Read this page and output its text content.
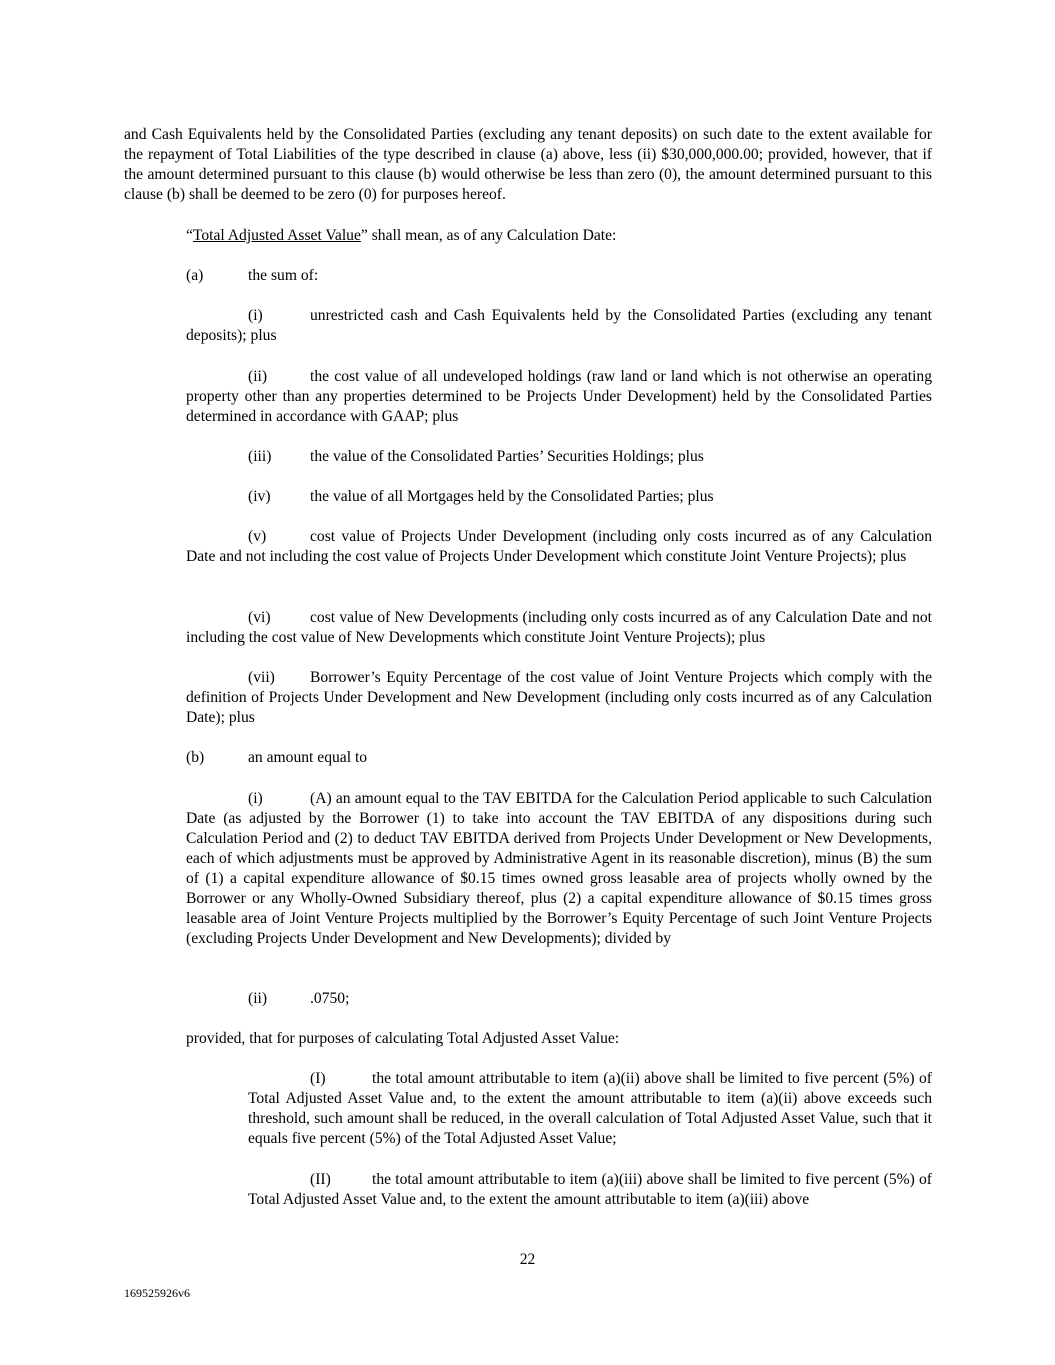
and Cash Equivalents held by the Consolidated Parties (excluding any tenant deposits) on such date to the extent available for the repayment of Total Liabilities of the type described in clause (a) above, less (ii) $30,000,000.00; provided, however, that if the amount determined pursuant to this clause (b) would otherwise be less than zero (0), the amount determined pursuant to this clause (b) shall be deemed to be zero (0) for purposes hereof.

“Total Adjusted Asset Value” shall mean, as of any Calculation Date:

(a)	the sum of:

(i)	unrestricted cash and Cash Equivalents held by the Consolidated Parties (excluding any tenant deposits); plus

(ii)	the cost value of all undeveloped holdings (raw land or land which is not otherwise an operating property other than any properties determined to be Projects Under Development) held by the Consolidated Parties determined in accordance with GAAP; plus

(iii) the value of the Consolidated Parties’ Securities Holdings; plus

(iv)	the value of all Mortgages held by the Consolidated Parties; plus

(v)	cost value of Projects Under Development (including only costs incurred as of any Calculation Date and not including the cost value of Projects Under Development which constitute Joint Venture Projects); plus

(vi)	cost value of New Developments (including only costs incurred as of any Calculation Date and not including the cost value of New Developments which constitute Joint Venture Projects); plus

(vii) Borrower’s Equity Percentage of the cost value of Joint Venture Projects which comply with the definition of Projects Under Development and New Development (including only costs incurred as of any Calculation Date); plus

(b)	an amount equal to

(i)	(A) an amount equal to the TAV EBITDA for the Calculation Period applicable to such Calculation Date (as adjusted by the Borrower (1) to take into account the TAV EBITDA of any dispositions during such Calculation Period and (2) to deduct TAV EBITDA derived from Projects Under Development or New Developments, each of which adjustments must be approved by Administrative Agent in its reasonable discretion), minus (B) the sum of (1) a capital expenditure allowance of $0.15 times owned gross leasable area of projects wholly owned by the Borrower or any Wholly-Owned Subsidiary thereof, plus (2) a capital expenditure allowance of $0.15 times gross leasable area of Joint Venture Projects multiplied by the Borrower’s Equity Percentage of such Joint Venture Projects (excluding Projects Under Development and New Developments); divided by

(ii)	.0750;

provided, that for purposes of calculating Total Adjusted Asset Value:

(I)	the total amount attributable to item (a)(ii) above shall be limited to five percent (5%) of Total Adjusted Asset Value and, to the extent the amount attributable to item (a)(ii) above exceeds such threshold, such amount shall be reduced, in the overall calculation of Total Adjusted Asset Value, such that it equals five percent (5%) of the Total Adjusted Asset Value;

(II)	the total amount attributable to item (a)(iii) above shall be limited to five percent (5%) of Total Adjusted Asset Value and, to the extent the amount attributable to item (a)(iii) above

22
169525926v6
